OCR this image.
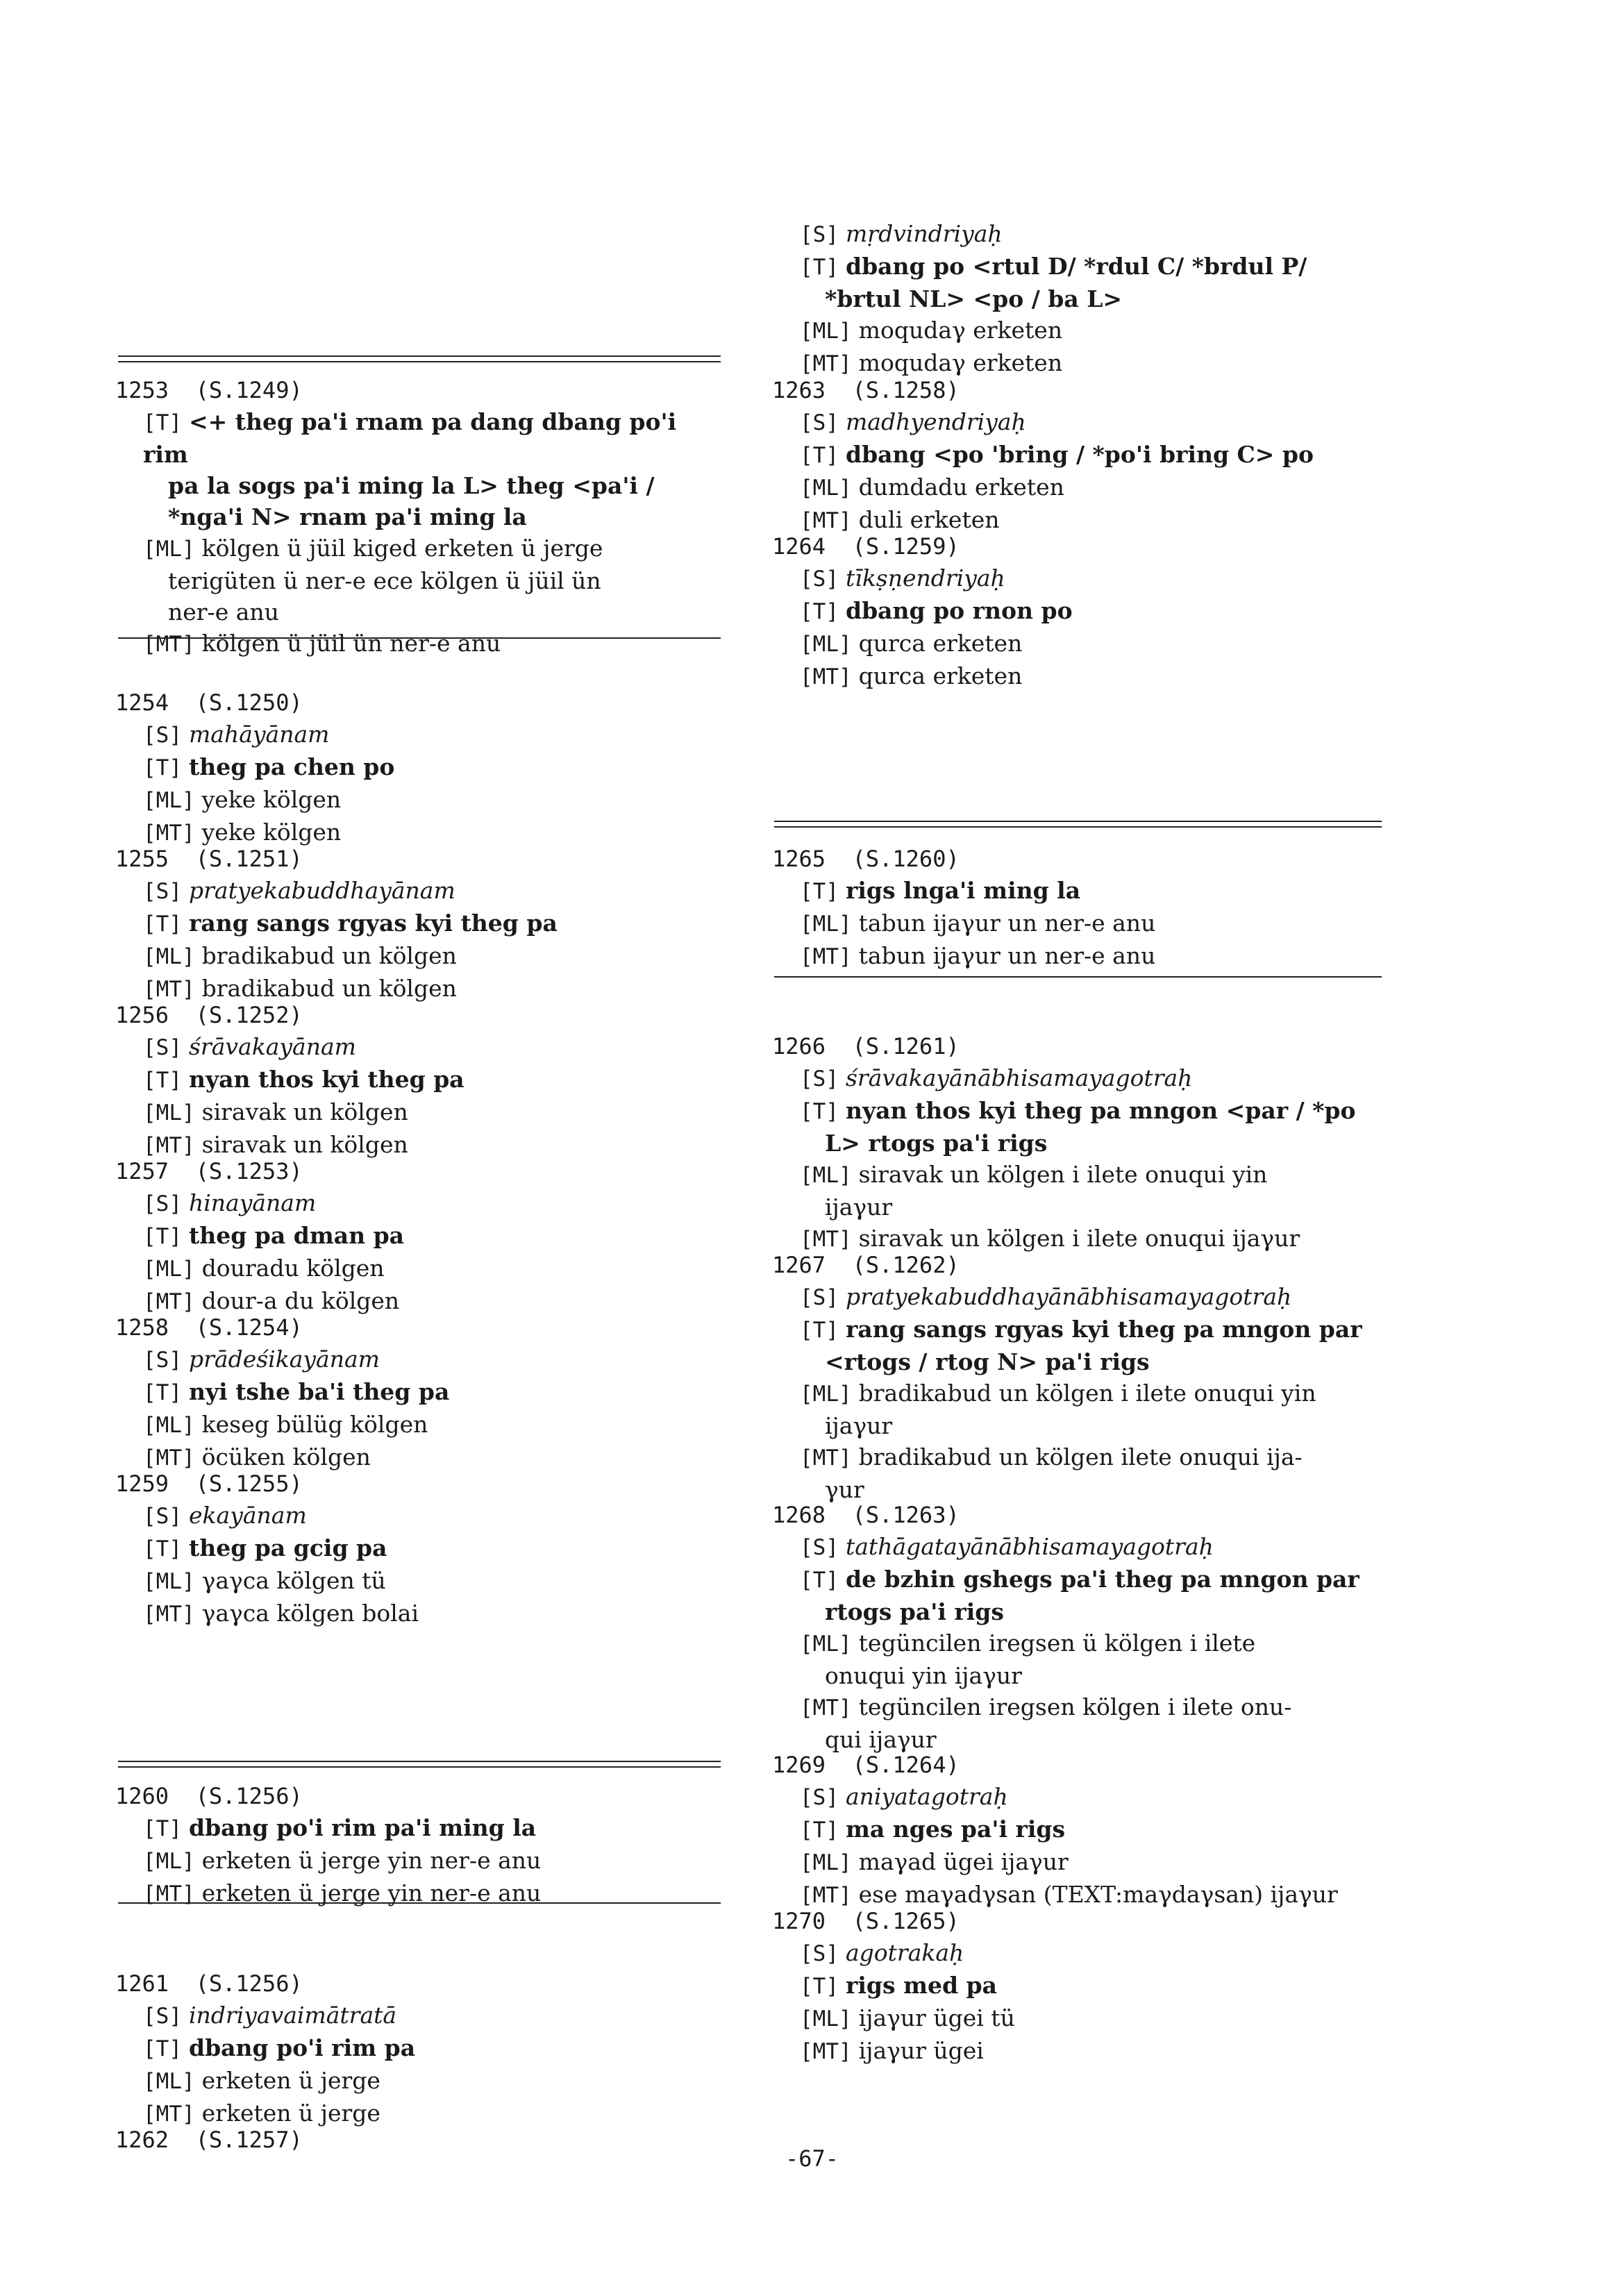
1253 (S.1249)
[T] <+ theg pa'i rnam pa dang dbang po'i rim
pa la sogs pa'i ming la L> theg <pa'i /
*nga'i N> rnam pa'i ming la
[ML] kölgen ü jüil kiged erketen ü jerge
terigüten ü ner-e ece kölgen ü jüil ün
ner-e anu
[MT] kölgen ü jüil ün ner-e anu
1254 (S.1250)
[S] mahāyānam
[T] theg pa chen po
[ML] yeke kölgen
[MT] yeke kölgen
1255 (S.1251)
[S] pratyekabuddhayānam
[T] rang sangs rgyas kyi theg pa
[ML] bradikabud un kölgen
[MT] bradikabud un kölgen
1256 (S.1252)
[S] śrāvakayānam
[T] nyan thos kyi theg pa
[ML] siravak un kölgen
[MT] siravak un kölgen
1257 (S.1253)
[S] hinayānam
[T] theg pa dman pa
[ML] douradu kölgen
[MT] dour-a du kölgen
1258 (S.1254)
[S] prādeśikayānam
[T] nyi tshe ba'i theg pa
[ML] keseg bülüg kölgen
[MT] öcüken kölgen
1259 (S.1255)
[S] ekayānam
[T] theg pa gcig pa
[ML] γaγca kölgen tü
[MT] γaγca kölgen bolai
1260 (S.1256)
[T] dbang po'i rim pa'i ming la
[ML] erketen ü jerge yin ner-e anu
[MT] erketen ü jerge yin ner-e anu
1261 (S.1256)
[S] indriyavaimātratā
[T] dbang po'i rim pa
[ML] erketen ü jerge
[MT] erketen ü jerge
1262 (S.1257)
[S] mṛdvindriyaḥ
[T] dbang po <rtul D/ *rdul C/ *brdul P/
*brtul NL> <po / ba L>
[ML] moqudaγ erketen
[MT] moqudaγ erketen
1263 (S.1258)
[S] madhyendriyaḥ
[T] dbang <po 'bring / *po'i bring C> po
[ML] dumdadu erketen
[MT] duli erketen
1264 (S.1259)
[S] tīkṣṇendriyaḥ
[T] dbang po rnon po
[ML] qurca erketen
[MT] qurca erketen
1265 (S.1260)
[T] rigs lnga'i ming la
[ML] tabun ijaγur un ner-e anu
[MT] tabun ijaγur un ner-e anu
1266 (S.1261)
[S] śrāvakayānābhisamayagotraḥ
[T] nyan thos kyi theg pa mngon <par / *po
L> rtogs pa'i rigs
[ML] siravak un kölgen i ilete onuqui yin
ijaγur
[MT] siravak un kölgen i ilete onuqui ijaγur
1267 (S.1262)
[S] pratyekabuddhayānābhisamayagotraḥ
[T] rang sangs rgyas kyi theg pa mngon par
<rtogs / rtog N> pa'i rigs
[ML] bradikabud un kölgen i ilete onuqui yin
ijaγur
[MT] bradikabud un kölgen ilete onuqui ija-
γur
1268 (S.1263)
[S] tathāgatayānābhisamayagotraḥ
[T] de bzhin gshegs pa'i theg pa mngon par
rtogs pa'i rigs
[ML] tegüncilen iregsen ü kölgen i ilete
onuqui yin ijaγur
[MT] tegüncilen iregsen kölgen i ilete onu-
qui ijaγur
1269 (S.1264)
[S] aniyatagotraḥ
[T] ma nges pa'i rigs
[ML] maγad ügei ijaγur
[MT] ese maγadγsan (TEXT:maγdaγsan) ijaγur
1270 (S.1265)
[S] agotrakaḥ
[T] rigs med pa
[ML] ijaγur ügei tü
[MT] ijaγur ügei
-67-
